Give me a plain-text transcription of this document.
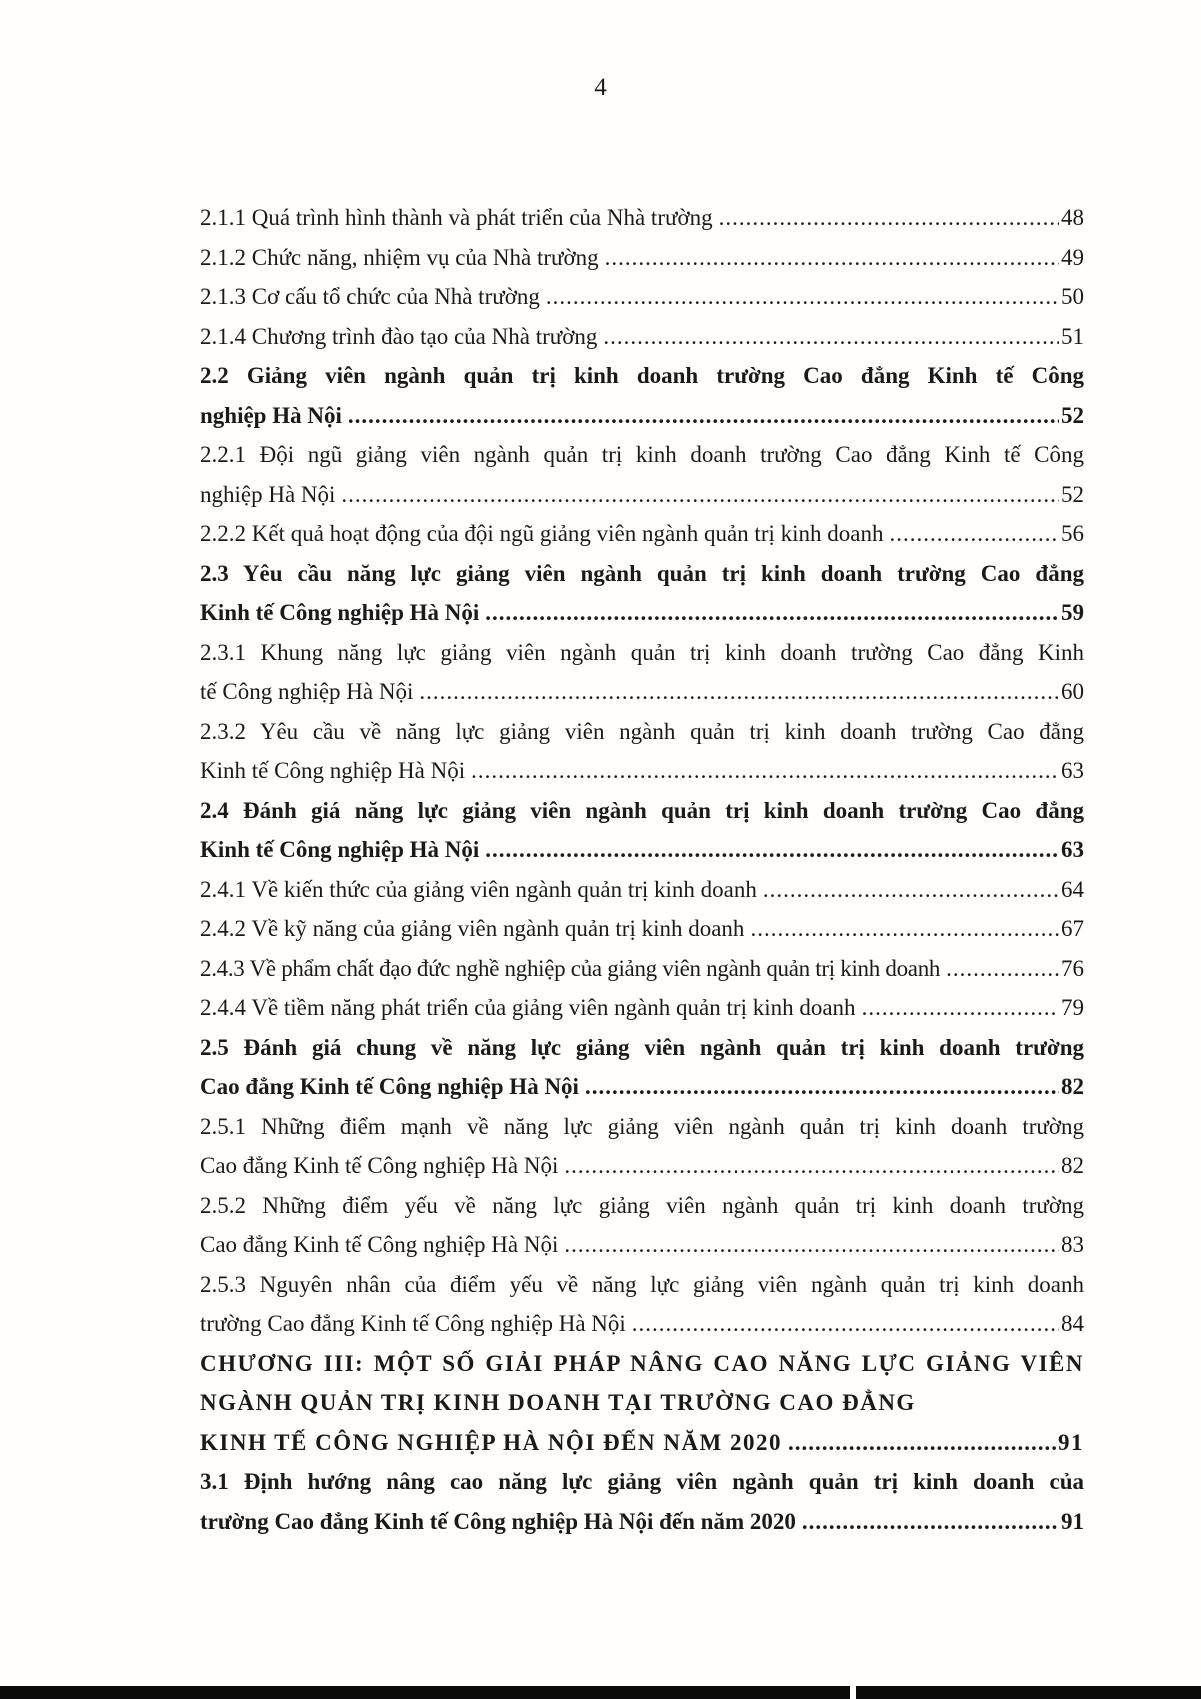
4
2.1.1 Quá trình hình thành và phát triển của Nhà trường .....	48
2.1.2 Chức năng, nhiệm vụ của Nhà trường .....	49
2.1.3 Cơ cấu tổ chức của Nhà trường .....	50
2.1.4 Chương trình đào tạo của Nhà trường .....	51
2.2 Giảng viên ngành quản trị kinh doanh trường Cao đẳng Kinh tế Công
nghiệp Hà Nội .....	52
2.2.1 Đội ngũ giảng viên ngành quản trị kinh doanh trường Cao đẳng Kinh tế Công
nghiệp Hà Nội .....	52
2.2.2 Kết quả hoạt động của đội ngũ giảng viên ngành quản trị kinh doanh .....	56
2.3 Yêu cầu năng lực giảng viên ngành quản trị kinh doanh trường Cao đẳng
Kinh tế Công nghiệp Hà Nội .....	59
2.3.1 Khung năng lực giảng viên ngành quản trị kinh doanh trường Cao đẳng Kinh
tế Công nghiệp Hà Nội .....	60
2.3.2 Yêu cầu về năng lực giảng viên ngành quản trị kinh doanh trường Cao đẳng
Kinh tế Công nghiệp Hà Nội .....	63
2.4 Đánh giá năng lực giảng viên ngành quản trị kinh doanh trường Cao đẳng
Kinh tế Công nghiệp Hà Nội .....	63
2.4.1 Về kiến thức của giảng viên ngành quản trị kinh doanh .....	64
2.4.2 Về kỹ năng của giảng viên ngành quản trị kinh doanh .....	67
2.4.3 Về phẩm chất đạo đức nghề nghiệp của giảng viên ngành quản trị kinh doanh .....	76
2.4.4 Về tiềm năng phát triển của giảng viên ngành quản trị kinh doanh .....	79
2.5 Đánh giá chung về năng lực giảng viên ngành quản trị kinh doanh trường
Cao đẳng Kinh tế Công nghiệp Hà Nội .....	82
2.5.1 Những điểm mạnh về năng lực giảng viên ngành quản trị kinh doanh trường
Cao đẳng Kinh tế Công nghiệp Hà Nội .....	82
2.5.2 Những điểm yếu về năng lực giảng viên ngành quản trị kinh doanh trường
Cao đẳng Kinh tế Công nghiệp Hà Nội .....	83
2.5.3 Nguyên nhân của điểm yếu về năng lực giảng viên ngành quản trị kinh doanh
trường Cao đẳng Kinh tế Công nghiệp Hà Nội .....	84
CHƯƠNG III: MỘT SỐ GIẢI PHÁP NÂNG CAO NĂNG LỰC GIẢNG VIÊN NGÀNH QUẢN TRỊ KINH DOANH TẠI TRƯỜNG CAO ĐẲNG
KINH TẾ CÔNG NGHIỆP HÀ NỘI ĐẾN NĂM 2020 .....	91
3.1 Định hướng nâng cao năng lực giảng viên ngành quản trị kinh doanh của
trường Cao đẳng Kinh tế Công nghiệp Hà Nội đến năm 2020 .....	91
